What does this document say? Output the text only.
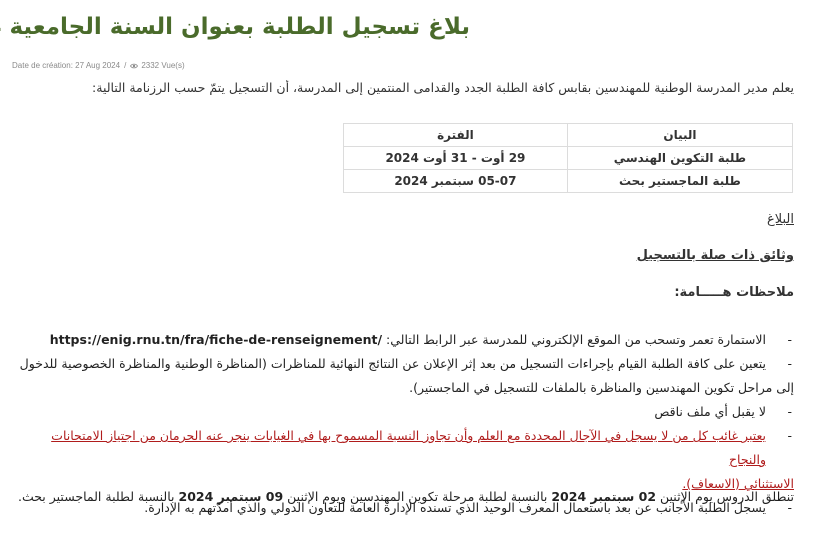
بلاغ تسجيل الطلبة بعنوان السنة الجامعية
Date de création: 27 Aug 2024 / 2332 Vue(s)
يعلم مدير المدرسة الوطنية للمهندسين بقابس كافة الطلبة الجدد والقدامى المنتمين إلى المدرسة، أن التسجيل يتمّ حسب الرزنامة التالية:
البيان	الفترة
طلبة التكوين الهندسي	29 أوت - 31 أوت 2024
طلبة الماجستير بحث	05-07 سبتمبر 2024
البلاغ
وثائق ذات صلة بالتسجيل
ملاحظات هـــــامة:
-
الاستمارة تعمر وتسحب من الموقع الإلكتروني للمدرسة عبر الرابط التالي: https://enig.rnu.tn/fra/fiche-de-renseignement/
-
يتعين على كافة الطلبة القيام بإجراءات التسجيل من بعد إثر الإعلان عن النتائج النهائية للمناظرات (المناظرة الوطنية والمناظرة الخصوصية للدخول
إلى مراحل تكوين المهندسين والمناظرة بالملفات للتسجيل في الماجستير).
-
لا يقبل أي ملف ناقص
-
يعتبر غائب كل من لا يسجل في الآجال المحددة مع العلم وأن تجاوز النسبة المسموح بها في الغيابات ينجر عنه الحرمان من اجتياز الامتحانات والنجاح
الاستثنائي (الاسعاف).
-
يسجل الطلبة الأجانب عن بعد باستعمال المعرف الوحيد الذي تسنده الإدارة العامة للتعاون الدولي والذي أمدّتهم به الإدارة.
تنطلق الدروس يوم الإثنين 02 سبتمبر 2024 بالنسبة لطلبة مرحلة تكوين المهندسين ويوم الإثنين 09 سبتمبر 2024 بالنسبة لطلبة الماجستير بحث.
